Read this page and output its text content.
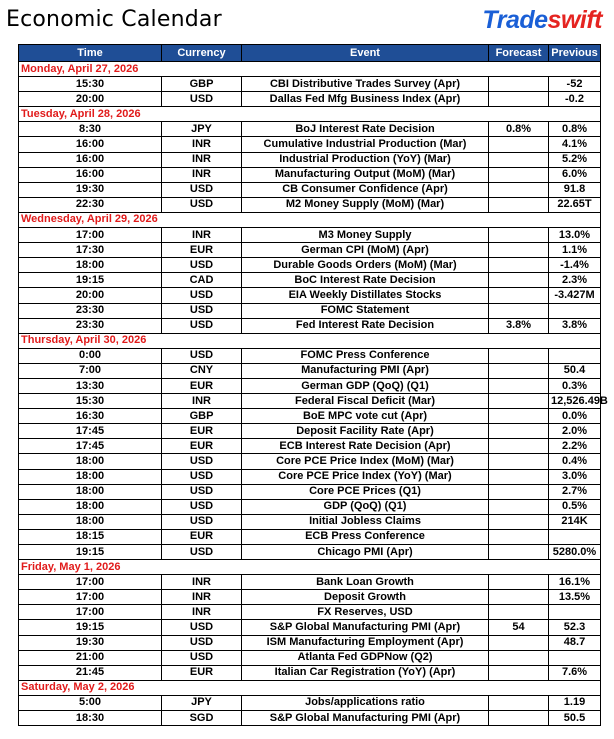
Economic Calendar	Tradeswift
Time	Currency	Event	Forecast	Previous
Monday, April 27, 2026				
15:30	GBP	CBI Distributive Trades Survey (Apr)		-52
20:00	USD	Dallas Fed Mfg Business Index (Apr)		-0.2
Tuesday, April 28, 2026				
8:30	JPY	BoJ Interest Rate Decision	0.8%	0.8%
16:00	INR	Cumulative Industrial Production (Mar)		4.1%
16:00	INR	Industrial Production (YoY) (Mar)		5.2%
16:00	INR	Manufacturing Output (MoM) (Mar)		6.0%
19:30	USD	CB Consumer Confidence (Apr)		91.8
22:30	USD	M2 Money Supply (MoM) (Mar)		22.65T
Wednesday, April 29, 2026				
17:00	INR	M3 Money Supply		13.0%
17:30	EUR	German CPI (MoM) (Apr)		1.1%
18:00	USD	Durable Goods Orders (MoM) (Mar)		-1.4%
19:15	CAD	BoC Interest Rate Decision		2.3%
20:00	USD	EIA Weekly Distillates Stocks		-3.427M
23:30	USD	FOMC Statement		
23:30	USD	Fed Interest Rate Decision	3.8%	3.8%
Thursday, April 30, 2026				
0:00	USD	FOMC Press Conference		
7:00	CNY	Manufacturing PMI (Apr)		50.4
13:30	EUR	German GDP (QoQ) (Q1)		0.3%
15:30	INR	Federal Fiscal Deficit (Mar)		12,526.49B
16:30	GBP	BoE MPC vote cut (Apr)		0.0%
17:45	EUR	Deposit Facility Rate (Apr)		2.0%
17:45	EUR	ECB Interest Rate Decision (Apr)		2.2%
18:00	USD	Core PCE Price Index (MoM) (Mar)		0.4%
18:00	USD	Core PCE Price Index (YoY) (Mar)		3.0%
18:00	USD	Core PCE Prices (Q1)		2.7%
18:00	USD	GDP (QoQ) (Q1)		0.5%
18:00	USD	Initial Jobless Claims		214K
18:15	EUR	ECB Press Conference		
19:15	USD	Chicago PMI (Apr)		5280.0%
Friday, May 1, 2026				
17:00	INR	Bank Loan Growth		16.1%
17:00	INR	Deposit Growth		13.5%
17:00	INR	FX Reserves, USD		
19:15	USD	S&P Global Manufacturing PMI (Apr)	54	52.3
19:30	USD	ISM Manufacturing Employment (Apr)		48.7
21:00	USD	Atlanta Fed GDPNow (Q2)		
21:45	EUR	Italian Car Registration (YoY) (Apr)		7.6%
Saturday, May 2, 2026				
5:00	JPY	Jobs/applications ratio		1.19
18:30	SGD	S&P Global Manufacturing PMI (Apr)		50.5
